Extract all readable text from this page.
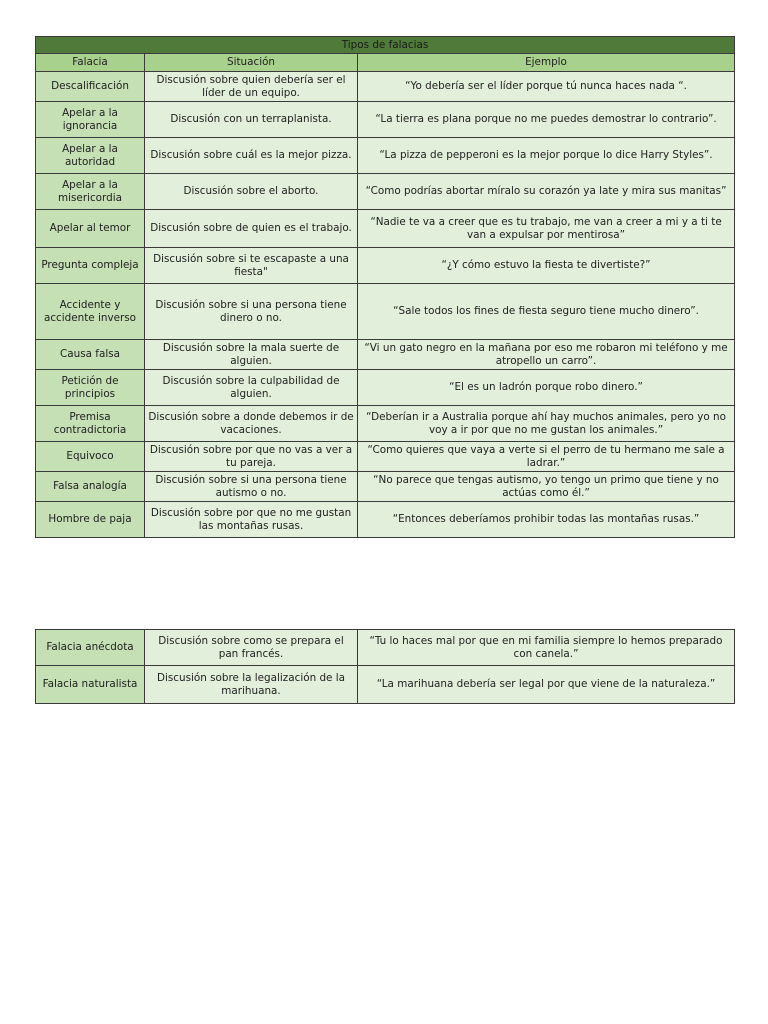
Tipos de falacias		
Falacia	Situación	Ejemplo
Descalificación	Discusión sobre quien debería ser el líder de un equipo.	“Yo debería ser el líder porque tú nunca haces nada “.
Apelar a la ignorancia	Discusión con un terraplanista.	“La tierra es plana porque no me puedes demostrar lo contrario”.
Apelar a la autoridad	Discusión sobre cuál es la mejor pizza.	“La pizza de pepperoni es la mejor porque lo dice Harry Styles”.
Apelar a la misericordia	Discusión sobre el aborto.	“Como podrías abortar míralo su corazón ya late y mira sus manitas”
Apelar al temor	Discusión sobre de quien es el trabajo.	“Nadie te va a creer que es tu trabajo, me van a creer a mi y a ti te van a expulsar por mentirosa”
Pregunta compleja	Discusión sobre si te escapaste a una fiesta"	“¿Y cómo estuvo la fiesta te divertiste?”
Accidente y accidente inverso	Discusión sobre si una persona tiene dinero o no.	“Sale todos los fines de fiesta seguro tiene mucho dinero”.
Causa falsa	Discusión sobre la mala suerte de alguien.	“Vi un gato negro en la mañana por eso me robaron mi teléfono y me atropello un carro”.
Petición de principios	Discusión sobre la culpabilidad de alguien.	“El es un ladrón porque robo dinero.”
Premisa contradictoria	Discusión sobre a donde debemos ir de vacaciones.	“Deberían ir a Australia porque ahí hay muchos animales, pero yo no voy a ir por que no me gustan los animales.”
Equivoco	Discusión sobre por que no vas a ver a tu pareja.	“Como quieres que vaya a verte si el perro de tu hermano me sale a ladrar.”
Falsa analogía	Discusión sobre si una persona tiene autismo o no.	“No parece que tengas autismo, yo tengo un primo que tiene y no actúas como él.”
Hombre de paja	Discusión sobre por que no me gustan las montañas rusas.	“Entonces deberíamos prohibir todas las montañas rusas.”
Falacia anécdota	Discusión sobre como se prepara el pan francés.	“Tu lo haces mal por que en mi familia siempre lo hemos preparado con canela.”
Falacia naturalista	Discusión sobre la legalización de la marihuana.	“La marihuana debería ser legal por que viene de la naturaleza.”
